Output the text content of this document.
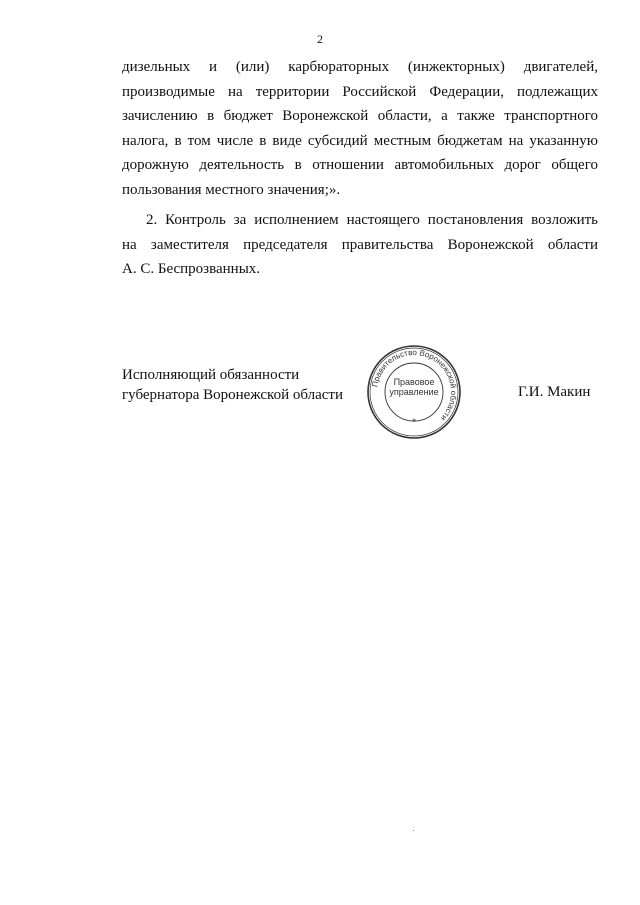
2
дизельных и (или) карбюраторных (инжекторных) двигателей,
производимые на территории Российской Федерации, подлежащих
зачислению в бюджет Воронежской области, а также транспортного
налога, в том числе в виде субсидий местным бюджетам на указанную
дорожную деятельность в отношении автомобильных дорог общего
пользования местного значения;».
2. Контроль за исполнением настоящего постановления возложить
на заместителя председателя правительства Воронежской области
А. С. Беспрозванных.
Исполняющий обязанности
губернатора Воронежской области
Правительство Воронежской области
Правовое
управление
*
Г.И. Макин
